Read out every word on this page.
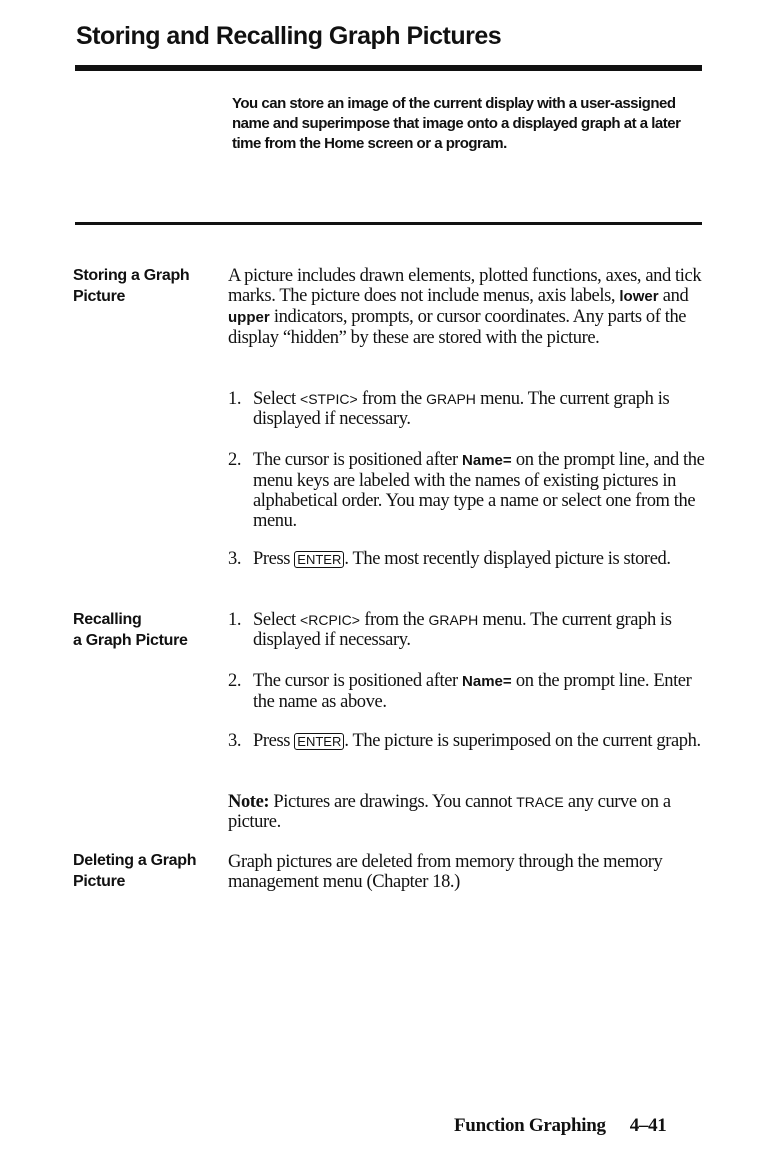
Storing and Recalling Graph Pictures

You can store an image of the current display with a user-assigned name and superimpose that image onto a displayed graph at a later time from the Home screen or a program.

Storing a Graph
Picture

A picture includes drawn elements, plotted functions, axes, and tick marks. The picture does not include menus, axis labels, lower and upper indicators, prompts, or cursor coordinates. Any parts of the display “hidden” by these are stored with the picture.

1. Select <STPIC> from the GRAPH menu. The current graph is displayed if necessary.
2. The cursor is positioned after Name= on the prompt line, and the menu keys are labeled with the names of existing pictures in alphabetical order. You may type a name or select one from the menu.
3. Press ENTER . The most recently displayed picture is stored.
Recalling
a Graph Picture
1. Select <RCPIC> from the GRAPH menu. The current graph is displayed if necessary.
2. The cursor is positioned after Name= on the prompt line. Enter the name as above.
3. Press ENTER . The picture is superimposed on the current graph.

Note: Pictures are drawings. You cannot TRACE any curve on a picture.

Deleting a Graph
Picture

Graph pictures are deleted from memory through the memory management menu (Chapter 18.)

Function Graphing 4–41
